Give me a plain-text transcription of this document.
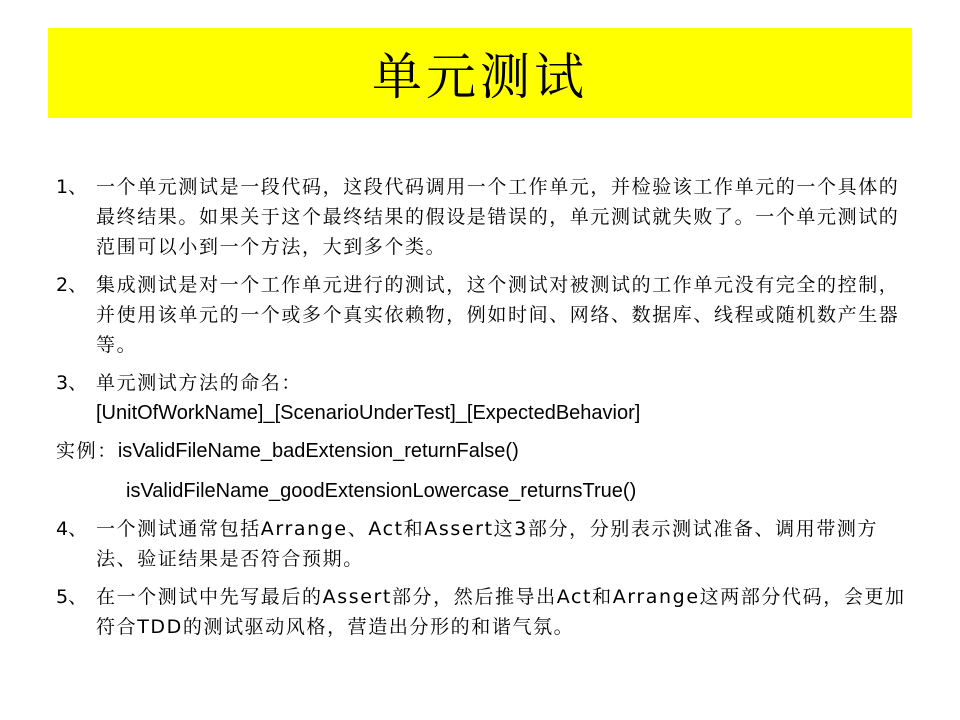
单元测试
1、 一个单元测试是一段代码，这段代码调用一个工作单元，并检验该工作单元的一个具体的最终结果。如果关于这个最终结果的假设是错误的，单元测试就失败了。一个单元测试的范围可以小到一个方法，大到多个类。
2、 集成测试是对一个工作单元进行的测试，这个测试对被测试的工作单元没有完全的控制，并使用该单元的一个或多个真实依赖物，例如时间、网络、数据库、线程或随机数产生器等。
3、 单元测试方法的命名：
[UnitOfWorkName]_[ScenarioUnderTest]_[ExpectedBehavior]
实例：isValidFileName_badExtension_returnFalse()
isValidFileName_goodExtensionLowercase_returnsTrue()
4、 一个测试通常包括Arrange、Act和Assert这3部分，分别表示测试准备、调用带测方法、验证结果是否符合预期。
5、 在一个测试中先写最后的Assert部分，然后推导出Act和Arrange这两部分代码，会更加符合TDD的测试驱动风格，营造出分形的和谐气氛。
